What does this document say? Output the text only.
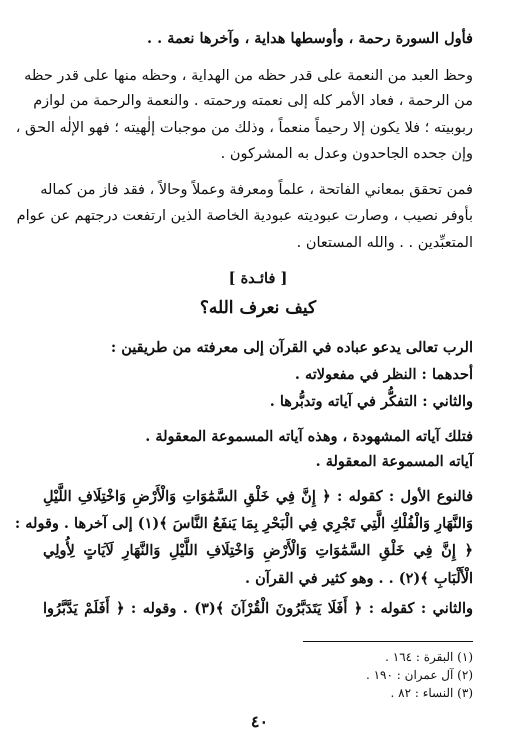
فأول السورة رحمة ، وأوسطها هداية ، وآخرها نعمة . .
وحظ العبد من النعمة على قدر حظه من الهداية ، وحظه منها على قدر حظه
من الرحمة ، فعاد الأمر كله إلى نعمته ورحمته . والنعمة والرحمة من لوازم
ربوبيته ؛ فلا يكون إلا رحيماً منعماً ، وذلك من موجبات إلٰهيته ؛ فهو الإلٰه الحق ،
وإن جحده الجاحدون وعدل به المشركون .
فمن تحقق بمعاني الفاتحة ، علماً ومعرفة وعملاً وحالاً ، فقد فاز من كماله
بأوفر نصيب ، وصارت عبوديته عبودية الخاصة الذين ارتفعت درجتهم عن عوام
المتعبِّدين . . والله المستعان .
[ فائـدة ]
كيف نعرف الله؟
الرب تعالى يدعو عباده في القرآن إلى معرفته من طريقين :
أحدهما : النظر في مفعولاته .
والثاني : التفكُّر في آياته وتدبُّرها .
فتلك آياته المشهودة ، وهذه آياته المسموعة المعقولة .
آياته المسموعة المعقولة .
فالنوع الأول : كقوله : ﴿ إِنَّ فِي خَلْقِ السَّمَٰوَاتِ وَالْأَرْضِ وَاخْتِلَافِ اللَّيْلِ
وَالنَّهَارِ وَالْفُلْكِ الَّتِي تَجْرِي فِي الْبَحْرِ بِمَا يَنفَعُ النَّاسَ ﴾(١) إلى آخرها . وقوله :
﴿ إِنَّ فِي خَلْقِ السَّمَٰوَاتِ وَالْأَرْضِ وَاخْتِلَافِ اللَّيْلِ وَالنَّهَارِ لَآيَاتٍ لِأُولِي
الْأَلْبَابِ ﴾(٢) . . وهو كثير في القرآن .
والثاني : كقوله : ﴿ أَفَلَا يَتَدَبَّرُونَ الْقُرْآنَ ﴾(٣) . وقوله : ﴿ أَفَلَمْ يَدَّبَّرُوا
(١) البقرة : ١٦٤ .
(٢) آل عمران : ١٩٠ .
(٣) النساء : ٨٢ .
٤٠
